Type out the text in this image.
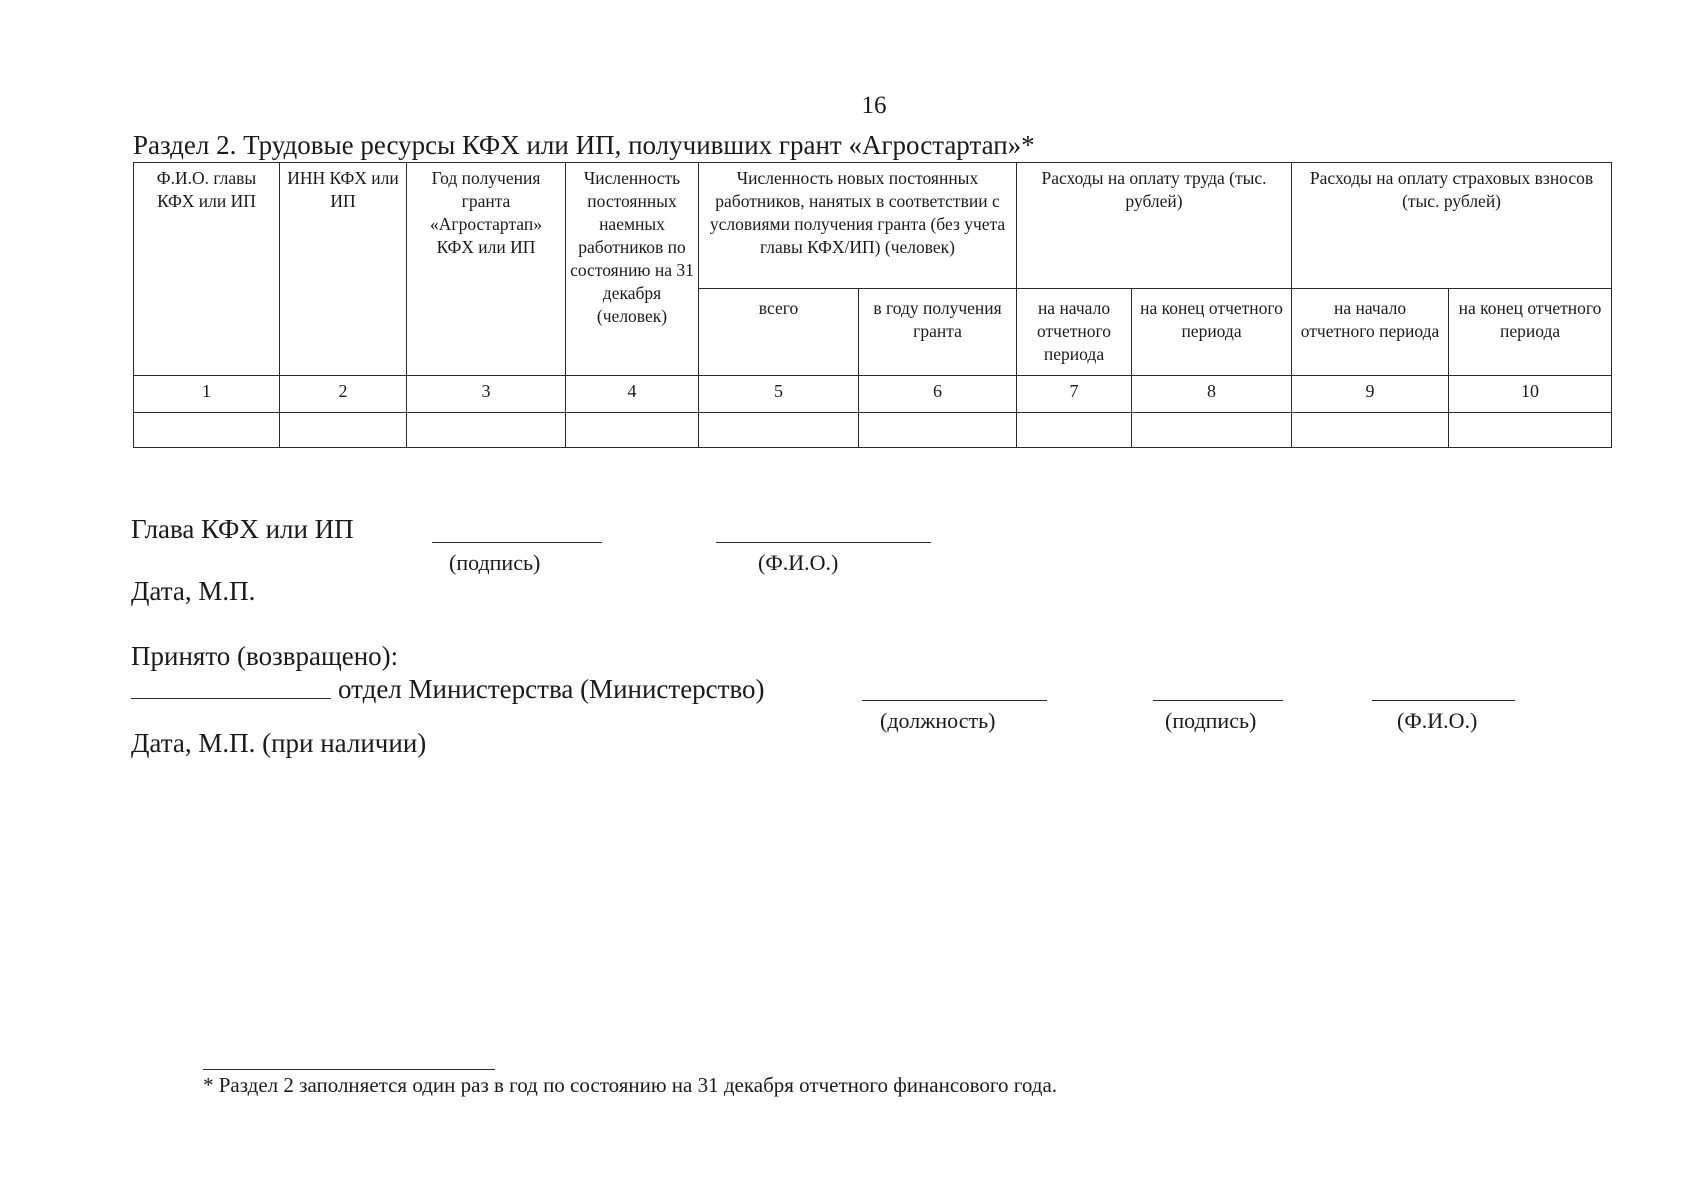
16
Раздел 2. Трудовые ресурсы КФХ или ИП, получивших грант «Агростартап»*
Ф.И.О. главы КФХ или ИП	ИНН КФХ или ИП	Год получения гранта «Агростартап» КФХ или ИП	Численность постоянных наемных работников по состоянию на 31 декабря (человек)	Численность новых постоянных работников, нанятых в соответствии с условиями получения гранта (без учета главы КФХ/ИП) (человек)		Расходы на оплату труда (тыс. рублей)		Расходы на оплату страховых взносов (тыс. рублей)	
				всего	в году получения гранта	на начало отчетного периода	на конец отчетного периода	на начало отчетного периода	на конец отчетного периода
1	2	3	4	5	6	7	8	9	10

Глава КФХ или ИП
(подпись)	(Ф.И.О.)
Дата, М.П.
Принято (возвращено):
отдел Министерства (Министерство)
(должность)	(подпись)	(Ф.И.О.)
Дата, М.П. (при наличии)
* Раздел 2 заполняется один раз в год по состоянию на 31 декабря отчетного финансового года.
